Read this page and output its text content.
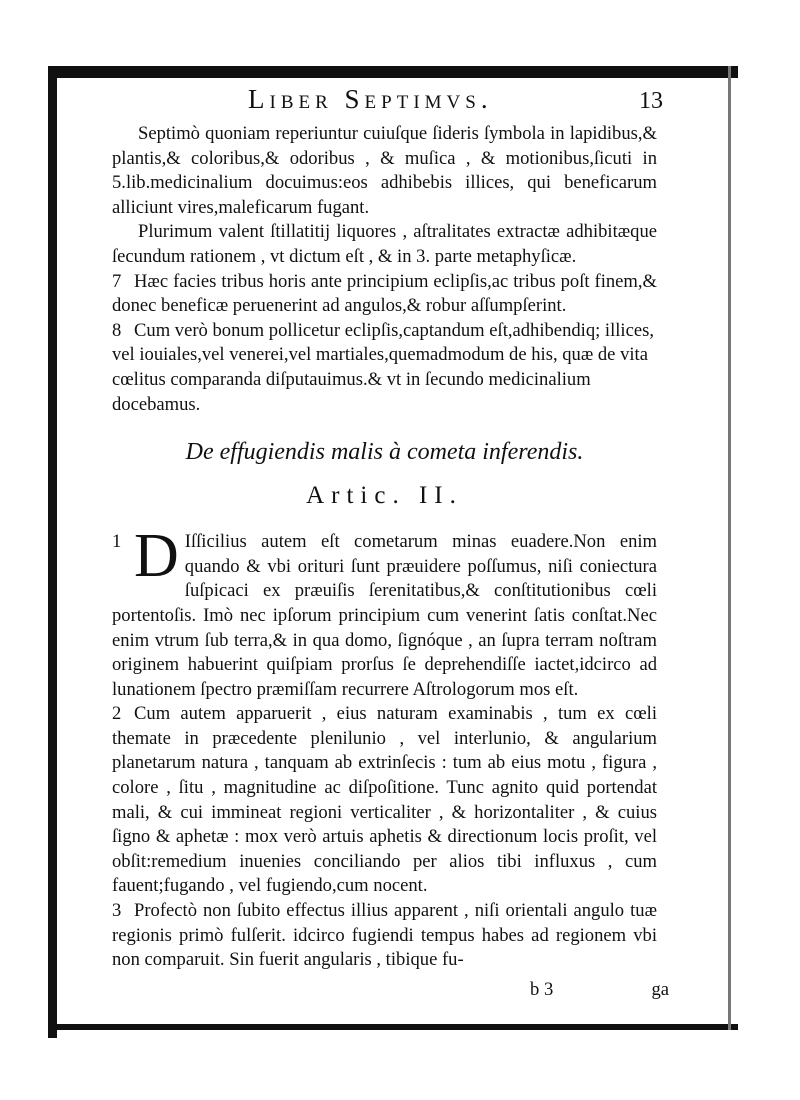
Liber Septimvs.	13

Septimò quoniam reperiuntur cuiuſque ſideris ſymbola in lapidibus,& plantis,& coloribus,& odoribus , & muſica , & motionibus,ſicuti in 5.lib.medicinalium docuimus:eos adhibebis illices, qui beneficarum alliciunt vires,maleficarum fugant.

Plurimum valent ſtillatitij liquores , aſtralitates extractæ adhibitæque ſecundum rationem , vt dictum eſt , & in 3. parte metaphyſicæ.

7 Hæc facies tribus horis ante principium eclipſis,ac tribus poſt finem,& donec beneficæ peruenerint ad angulos,& robur aſſumpſerint.

8 Cum verò bonum pollicetur eclipſis,captandum eſt,adhibendiq; illices, vel iouiales,vel venerei,vel martiales,quemadmodum de his, quæ de vita cœlitus comparanda diſputauimus.& vt in ſecundo medicinalium docebamus.

De effugiendis malis à cometa inferendis.
Artic. II.
1 D Iſſicilius autem eſt cometarum minas euadere.Non enim quando & vbi orituri ſunt præuidere poſſumus, niſi coniectura ſuſpicaci ex præuiſis ſerenitatibus,& conſtitutionibus cœli portentoſis. Imò nec ipſorum principium cum venerint ſatis conſtat.Nec enim vtrum ſub terra,& in qua domo, ſignóque , an ſupra terram noſtram originem habuerint quiſpiam prorſus ſe deprehendiſſe iactet,idcirco ad lunationem ſpectro præmiſſam recurrere Aſtrologorum mos eſt.

2 Cum autem apparuerit , eius naturam examinabis , tum ex cœli themate in præcedente plenilunio , vel interlunio, & angularium planetarum natura , tanquam ab extrinſecis : tum ab eius motu , figura , colore , ſitu , magnitudine ac diſpoſitione. Tunc agnito quid portendat mali, & cui immineat regioni verticaliter , & horizontaliter , & cuius ſigno & aphetæ : mox verò artuis aphetis & directionum locis proſit, vel obſit:remedium inuenies conciliando per alios tibi influxus , cum fauent;fugando , vel fugiendo,cum nocent.

3 Profectò non ſubito effectus illius apparent , niſi orientali angulo tuæ regionis primò fulſerit. idcirco fugiendi tempus habes ad regionem vbi non comparuit. Sin fuerit angularis , tibique fu-

b 3	ga
